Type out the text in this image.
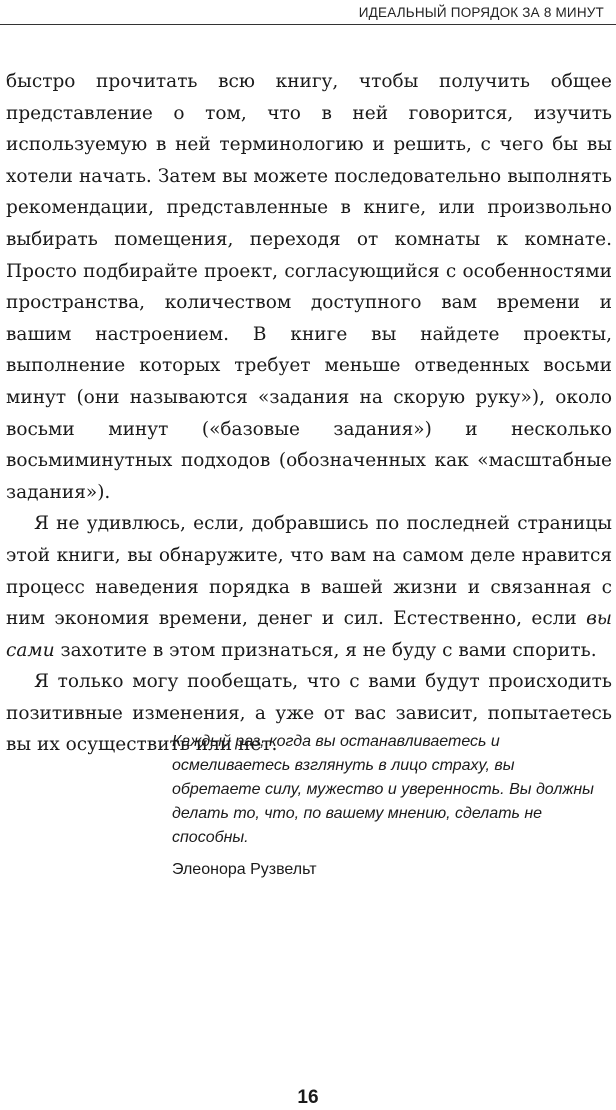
ИДЕАЛЬНЫЙ ПОРЯДОК ЗА 8 МИНУТ

быстро прочитать всю книгу, чтобы получить общее представление о том, что в ней говорится, изучить используемую в ней терминологию и решить, с чего бы вы хотели начать. Затем вы можете последовательно выполнять рекомендации, представленные в книге, или произвольно выбирать помещения, переходя от комнаты к комнате. Просто подбирайте проект, согласующийся с особенностями пространства, количеством доступного вам времени и вашим настроением. В книге вы найдете проекты, выполнение которых требует меньше отведенных восьми минут (они называются «задания на скорую руку»), около восьми минут («базовые задания») и несколько восьмиминутных подходов (обозначенных как «масштабные задания»).

Я не удивлюсь, если, добравшись по последней страницы этой книги, вы обнаружите, что вам на самом деле нравится процесс наведения порядка в вашей жизни и связанная с ним экономия времени, денег и сил. Естественно, если вы сами захотите в этом признаться, я не буду с вами спорить.

Я только могу пообещать, что с вами будут происходить позитивные изменения, а уже от вас зависит, попытаетесь вы их осуществить или нет.

Каждый раз, когда вы останавливаетесь и осмеливаетесь взглянуть в лицо страху, вы обретаете силу, мужество и уверенность. Вы должны делать то, что, по вашему мнению, сделать не способны.

Элеонора Рузвельт

16
